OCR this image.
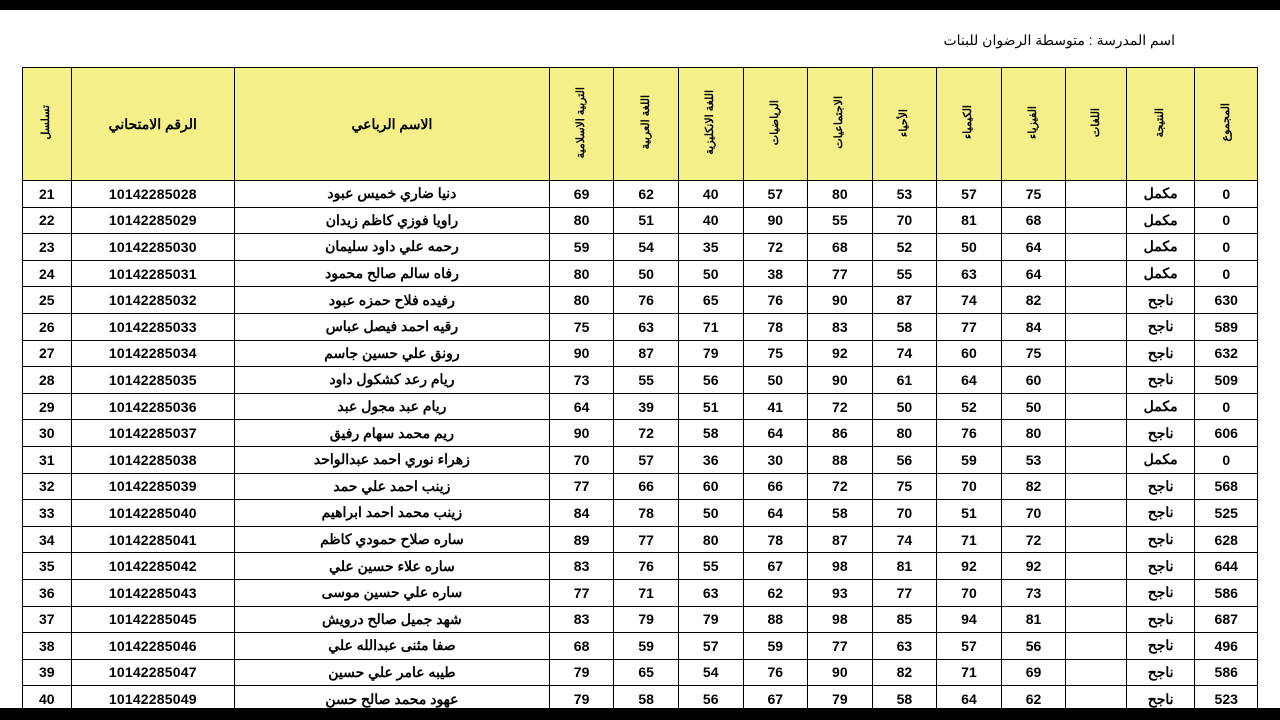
اسم المدرسة : متوسطة الرضوان للبنات
المجموع	النتيجة	اللغات	الفيزياء	الكيمياء	الأحياء	الاجتماعيات	الرياضيات	اللغة الانكليزية	اللغة العربية	التربية الاسلامية	الاسم الرباعي	الرقم الامتحاني	تسلسل
0	مكمل		75	57	53	80	57	40	62	69	دنيا ضاري خميس عبود	10142285028	21
0	مكمل		68	81	70	55	90	40	51	80	راويا فوزي كاظم زيدان	10142285029	22
0	مكمل		64	50	52	68	72	35	54	59	رحمه علي داود سليمان	10142285030	23
0	مكمل		64	63	55	77	38	50	50	80	رفاه سالم صالح محمود	10142285031	24
630	ناجح		82	74	87	90	76	65	76	80	رفيده فلاح حمزه عبود	10142285032	25
589	ناجح		84	77	58	83	78	71	63	75	رقيه احمد فيصل عباس	10142285033	26
632	ناجح		75	60	74	92	75	79	87	90	رونق علي حسين جاسم	10142285034	27
509	ناجح		60	64	61	90	50	56	55	73	ريام رعد كشكول داود	10142285035	28
0	مكمل		50	52	50	72	41	51	39	64	ريام عبد مجول عبد	10142285036	29
606	ناجح		80	76	80	86	64	58	72	90	ريم محمد سهام رفيق	10142285037	30
0	مكمل		53	59	56	88	30	36	57	70	زهراء نوري احمد عبدالواحد	10142285038	31
568	ناجح		82	70	75	72	66	60	66	77	زينب احمد علي حمد	10142285039	32
525	ناجح		70	51	70	58	64	50	78	84	زينب محمد احمد ابراهيم	10142285040	33
628	ناجح		72	71	74	87	78	80	77	89	ساره صلاح حمودي كاظم	10142285041	34
644	ناجح		92	92	81	98	67	55	76	83	ساره علاء حسين علي	10142285042	35
586	ناجح		73	70	77	93	62	63	71	77	ساره علي حسين موسى	10142285043	36
687	ناجح		81	94	85	98	88	79	79	83	شهد جميل صالح درويش	10142285045	37
496	ناجح		56	57	63	77	59	57	59	68	صفا مثنى عبدالله علي	10142285046	38
586	ناجح		69	71	82	90	76	54	65	79	طيبه عامر علي حسين	10142285047	39
523	ناجح		62	64	58	79	67	56	58	79	عهود محمد صالح حسن	10142285049	40
